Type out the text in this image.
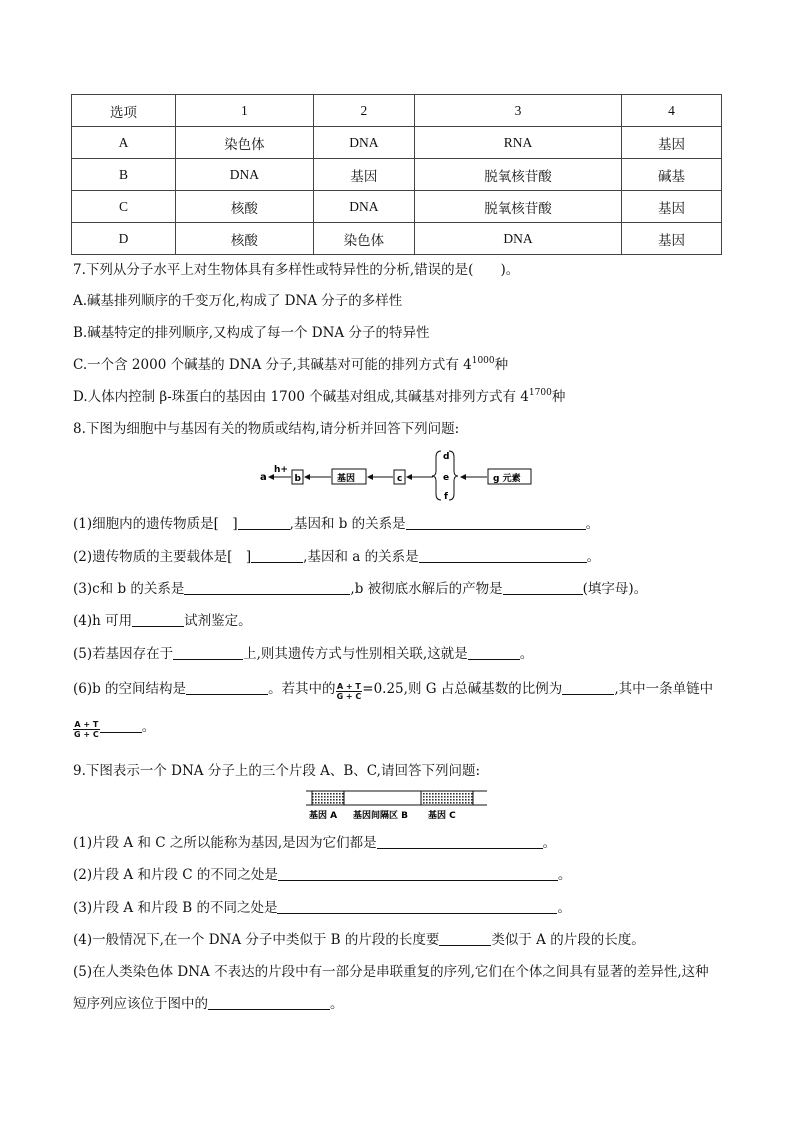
选项	1	2	3	4
A	染色体	DNA	RNA	基因
B	DNA	基因	脱氧核苷酸	碱基
C	核酸	DNA	脱氧核苷酸	基因
D	核酸	染色体	DNA	基因
7.下列从分子水平上对生物体具有多样性或特异性的分析,错误的是(　　)。
A.碱基排列顺序的千变万化,构成了 DNA 分子的多样性
B.碱基特定的排列顺序,又构成了每一个 DNA 分子的特异性
C.一个含 2000 个碱基的 DNA 分子,其碱基对可能的排列方式有 $4^{1000}$种
D.人体内控制 β-珠蛋白的基因由 1700 个碱基对组成,其碱基对排列方式有 $4^{1700}$种
8.下图为细胞中与基因有关的物质或结构,请分析并回答下列问题:
a
h+
b	基因	c
d
e
f
g 元素
(1)细胞内的遗传物质是[　]	,基因和 b 的关系是	。
(2)遗传物质的主要载体是[　]	,基因和 a 的关系是	。
(3)c和 b 的关系是	,b 被彻底水解后的产物是	(填字母)。
(4)h 可用	试剂鉴定。
(5)若基因存在于	上,则其遗传方式与性别相关联,这就是	。
(6)b 的空间结构是	。若其中的 $\frac{A + T}{G + C} =0.25$,则 G 占总碱基数的比例为	,其中一条单链中
$\frac{A + T}{G + C}$	。
9.下图表示一个 DNA 分子上的三个片段 A、B、C,请回答下列问题:
基因 A 基因间隔区 B 基因 C
(1)片段 A 和 C 之所以能称为基因,是因为它们都是	。
(2)片段 A 和片段 C 的不同之处是	。
(3)片段 A 和片段 B 的不同之处是	。
(4)一般情况下,在一个 DNA 分子中类似于 B 的片段的长度要	类似于 A 的片段的长度。
(5)在人类染色体 DNA 不表达的片段中有一部分是串联重复的序列,它们在个体之间具有显著的差异性,这种
短序列应该位于图中的	。
